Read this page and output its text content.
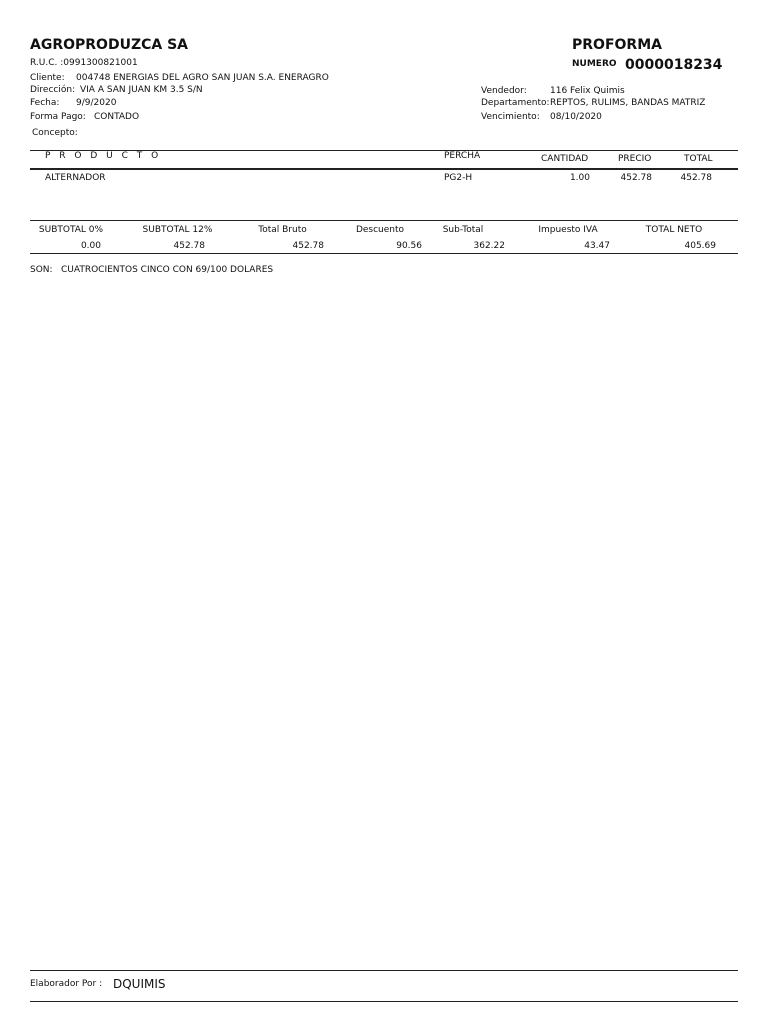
AGROPRODUZCA SA
R.U.C. :0991300821001
PROFORMA
NUMERO 0000018234
Cliente: 004748 ENERGIAS DEL AGRO SAN JUAN S.A. ENERAGRO
Dirección: VIA A SAN JUAN KM 3.5 S/N
Fecha: 9/9/2020
Forma Pago: CONTADO
Concepto:
Vendedor:	116 Felix Quimis
Departamento: REPTOS, RULIMS, BANDAS MATRIZ
Vencimiento: 08/10/2020
P R O D U C T O	PERCHA	CANTIDAD	PRECIO	TOTAL
ALTERNADOR	PG2-H	1.00	452.78	452.78
SUBTOTAL 0%	SUBTOTAL 12%	Total Bruto	Descuento	Sub-Total	Impuesto IVA	TOTAL NETO
0.00	452.78	452.78	90.56	362.22	43.47	405.69
SON: CUATROCIENTOS CINCO CON 69/100 DOLARES
Elaborador Por : DQUIMIS
